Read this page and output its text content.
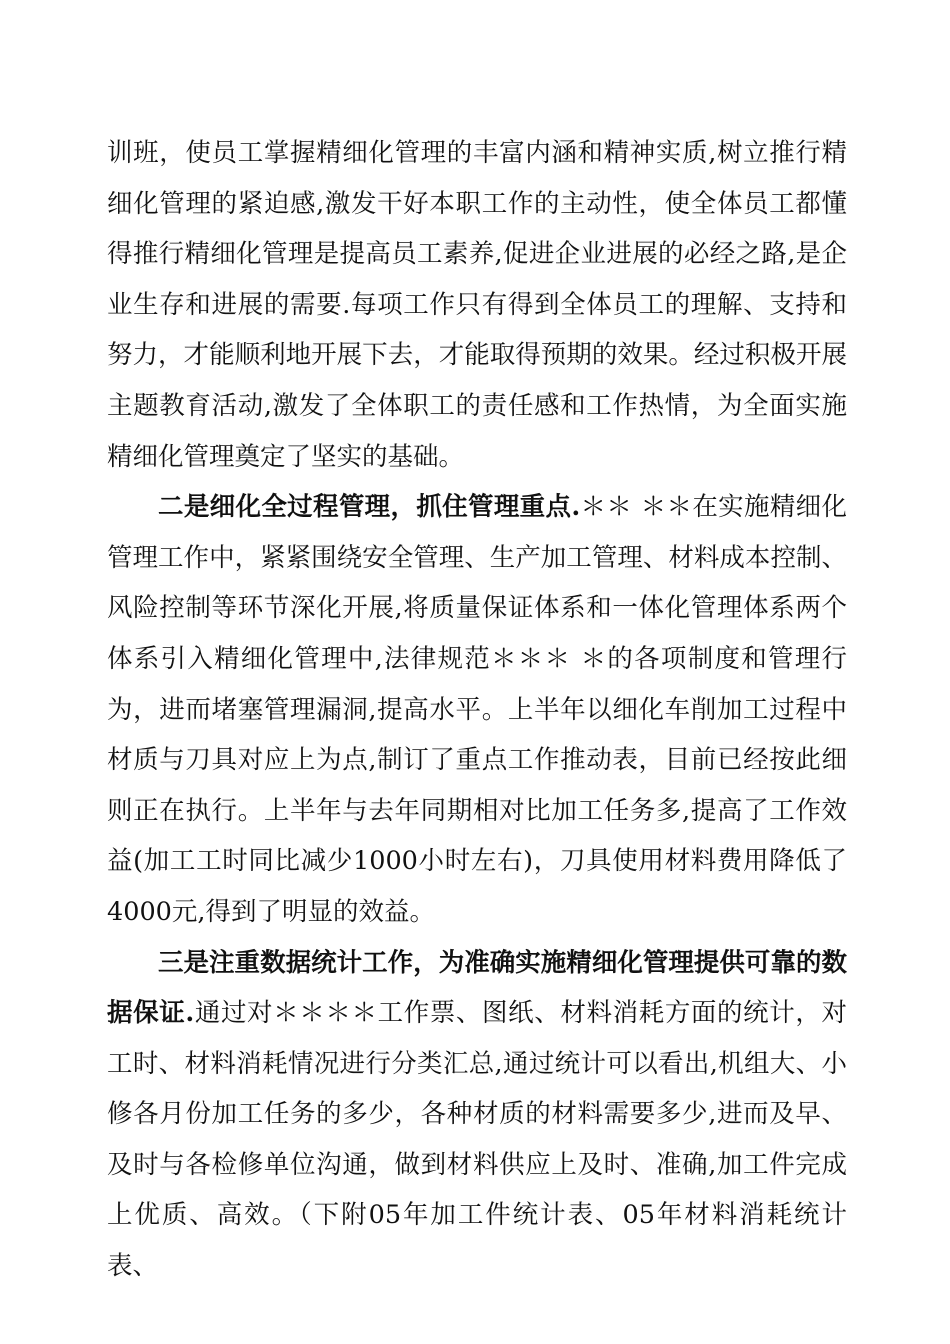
训班，使员工掌握精细化管理的丰富内涵和精神实质,树立推行精细化管理的紧迫感,激发干好本职工作的主动性，使全体员工都懂得推行精细化管理是提高员工素养,促进企业进展的必经之路,是企业生存和进展的需要.每项工作只有得到全体员工的理解、支持和努力，才能顺利地开展下去，才能取得预期的效果。经过积极开展主题教育活动,激发了全体职工的责任感和工作热情，为全面实施精细化管理奠定了坚实的基础。

二是细化全过程管理，抓住管理重点.＊＊ ＊＊在实施精细化管理工作中，紧紧围绕安全管理、生产加工管理、材料成本控制、风险控制等环节深化开展,将质量保证体系和一体化管理体系两个体系引入精细化管理中,法律规范＊＊＊ ＊的各项制度和管理行为，进而堵塞管理漏洞,提高水平。上半年以细化车削加工过程中材质与刀具对应上为点,制订了重点工作推动表，目前已经按此细则正在执行。上半年与去年同期相对比加工任务多,提高了工作效益(加工工时同比减少1000小时左右)，刀具使用材料费用降低了4000元,得到了明显的效益。

三是注重数据统计工作，为准确实施精细化管理提供可靠的数据保证.通过对＊＊＊＊工作票、图纸、材料消耗方面的统计，对工时、材料消耗情况进行分类汇总,通过统计可以看出,机组大、小修各月份加工任务的多少，各种材质的材料需要多少,进而及早、及时与各检修单位沟通，做到材料供应上及时、准确,加工件完成上优质、高效。（下附05年加工件统计表、05年材料消耗统计表、
